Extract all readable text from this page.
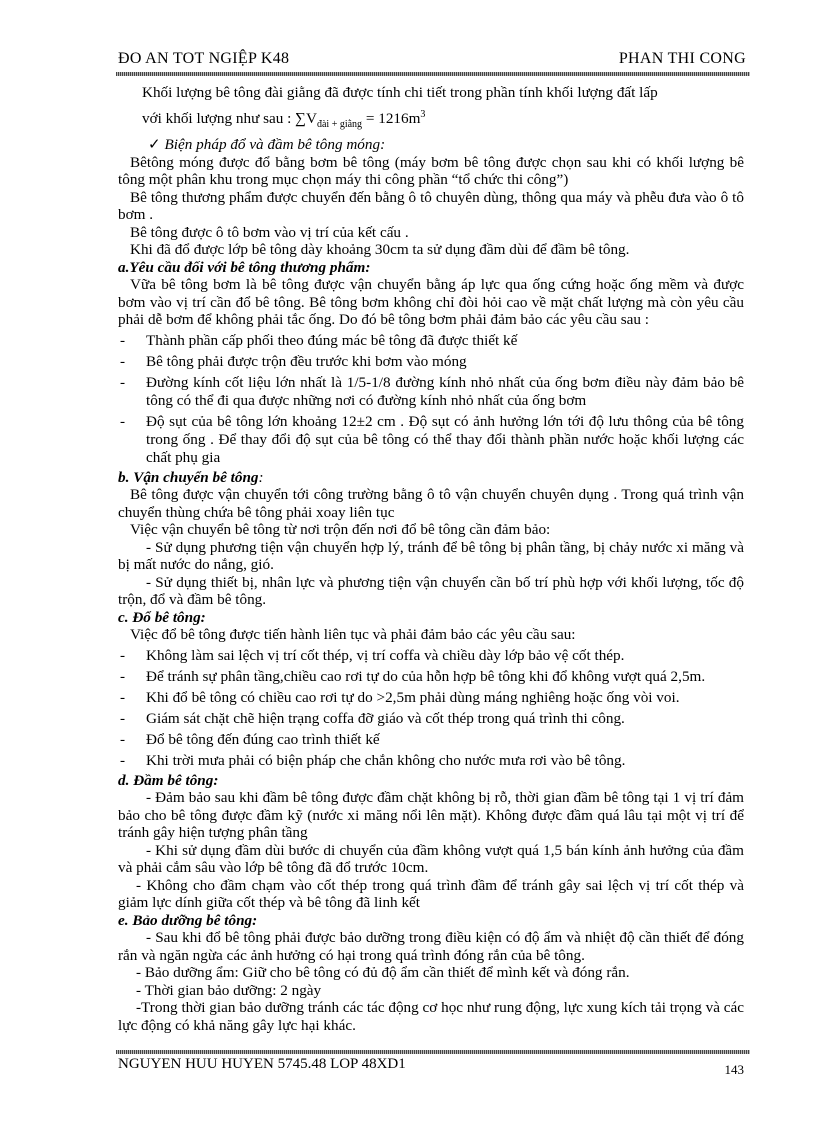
ĐO AN TOT NGIỆP K48	PHAN THI CONG

Khối lượng bê tông đài giằng đã được tính chi tiết trong phần tính khối lượng đất lấp

với khối lượng như sau : $\sum V_{đài + giằng} = 1216m^3$

✓ Biện pháp đổ và đầm bê tông móng:

Bêtông móng được đổ bằng bơm bê tông (máy bơm bê tông được chọn sau khi có khối lượng bê tông một phân khu trong mục chọn máy thi công phần “tổ chức thi công”)

Bê tông thương phẩm được chuyển đến bằng ô tô chuyên dùng, thông qua máy và phễu đưa vào ô tô bơm .

Bê tông được ô tô bơm vào vị trí của kết cấu .

Khi đã đổ được lớp bê tông dày khoảng 30cm ta sử dụng đầm dùi để đầm bê tông.

a.Yêu cầu đối với bê tông thương phẩm:

Vữa bê tông bơm là bê tông được vận chuyển bằng áp lực qua ống cứng hoặc ống mềm và được bơm vào vị trí cần đổ bê tông. Bê tông bơm không chỉ đòi hỏi cao về mặt chất lượng mà còn yêu cầu phải dễ bơm để không phải tắc ống. Do đó bê tông bơm phải đảm bảo các yêu cầu sau :

- Thành phần cấp phối theo đúng mác bê tông đã được thiết kế
- Bê tông phải được trộn đều trước khi bơm vào móng
- Đường kính cốt liệu lớn nhất là 1/5-1/8 đường kính nhỏ nhất của ống bơm điều này đảm bảo bê tông có thể đi qua được những nơi có đường kính nhỏ nhất của ống bơm
- Độ sụt của bê tông lớn khoảng 12±2 cm . Độ sụt có ảnh hưởng lớn tới độ lưu thông của bê tông trong ống . Để thay đổi độ sụt của bê tông có thể thay đổi thành phần nước hoặc khối lượng các chất phụ gia

b. Vận chuyển bê tông:

Bê tông được vận chuyển tới công trường bằng ô tô vận chuyển chuyên dụng . Trong quá trình vận chuyển thùng chứa bê tông phải xoay liên tục

Việc vận chuyển bê tông từ nơi trộn đến nơi đổ bê tông cần đảm bảo:

- Sử dụng phương tiện vận chuyển hợp lý, tránh để bê tông bị phân tầng, bị chảy nước xi măng và bị mất nước do nắng, gió.

- Sử dụng thiết bị, nhân lực và phương tiện vận chuyển cần bố trí phù hợp với khối lượng, tốc độ trộn, đổ và đầm bê tông.

c. Đổ bê tông:

Việc đổ bê tông được tiến hành liên tục và phải đảm bảo các yêu cầu sau:

- Không làm sai lệch vị trí cốt thép, vị trí coffa và chiều dày lớp bảo vệ cốt thép.
- Để tránh sự phân tầng,chiều cao rơi tự do của hỗn hợp bê tông khi đổ không vượt quá 2,5m.
- Khi đổ bê tông có chiều cao rơi tự do >2,5m phải dùng máng nghiêng hoặc ống vòi voi.
- Giám sát chặt chẽ hiện trạng coffa đỡ giáo và cốt thép trong quá trình thi công.
- Đổ bê tông đến đúng cao trình thiết kế
- Khi trời mưa phải có biện pháp che chắn không cho nước mưa rơi vào bê tông.

d. Đầm bê tông:

- Đảm bảo sau khi đầm bê tông được đầm chặt không bị rỗ, thời gian đầm bê tông tại 1 vị trí đảm bảo cho bê tông được đầm kỹ (nước xi măng nổi lên mặt). Không được đầm quá lâu tại một vị trí để tránh gây hiện tượng phân tầng

- Khi sử dụng đầm dùi bước di chuyển của đầm không vượt quá 1,5 bán kính ảnh hưởng của đầm và phải cắm sâu vào lớp bê tông đã đổ trước 10cm.

- Không cho đầm chạm vào cốt thép trong quá trình đầm để tránh gây sai lệch vị trí cốt thép và giảm lực dính giữa cốt thép và bê tông đã linh kết

e. Bảo dưỡng bê tông:

- Sau khi đổ bê tông phải được bảo dưỡng trong điều kiện có độ ẩm và nhiệt độ cần thiết để đóng rắn và ngăn ngừa các ảnh hưởng có hại trong quá trình đóng rắn của bê tông.

- Bảo dưỡng ẩm: Giữ cho bê tông có đủ độ ẩm cần thiết để mình kết và đóng rắn.

- Thời gian bảo dưỡng: 2 ngày

-Trong thời gian bảo dưỡng tránh các tác động cơ học như rung động, lực xung kích tải trọng và các lực động có khả năng gây lực hại khác.

NGUYEN HUU HUYEN 5745.48 LOP 48XD1	143
